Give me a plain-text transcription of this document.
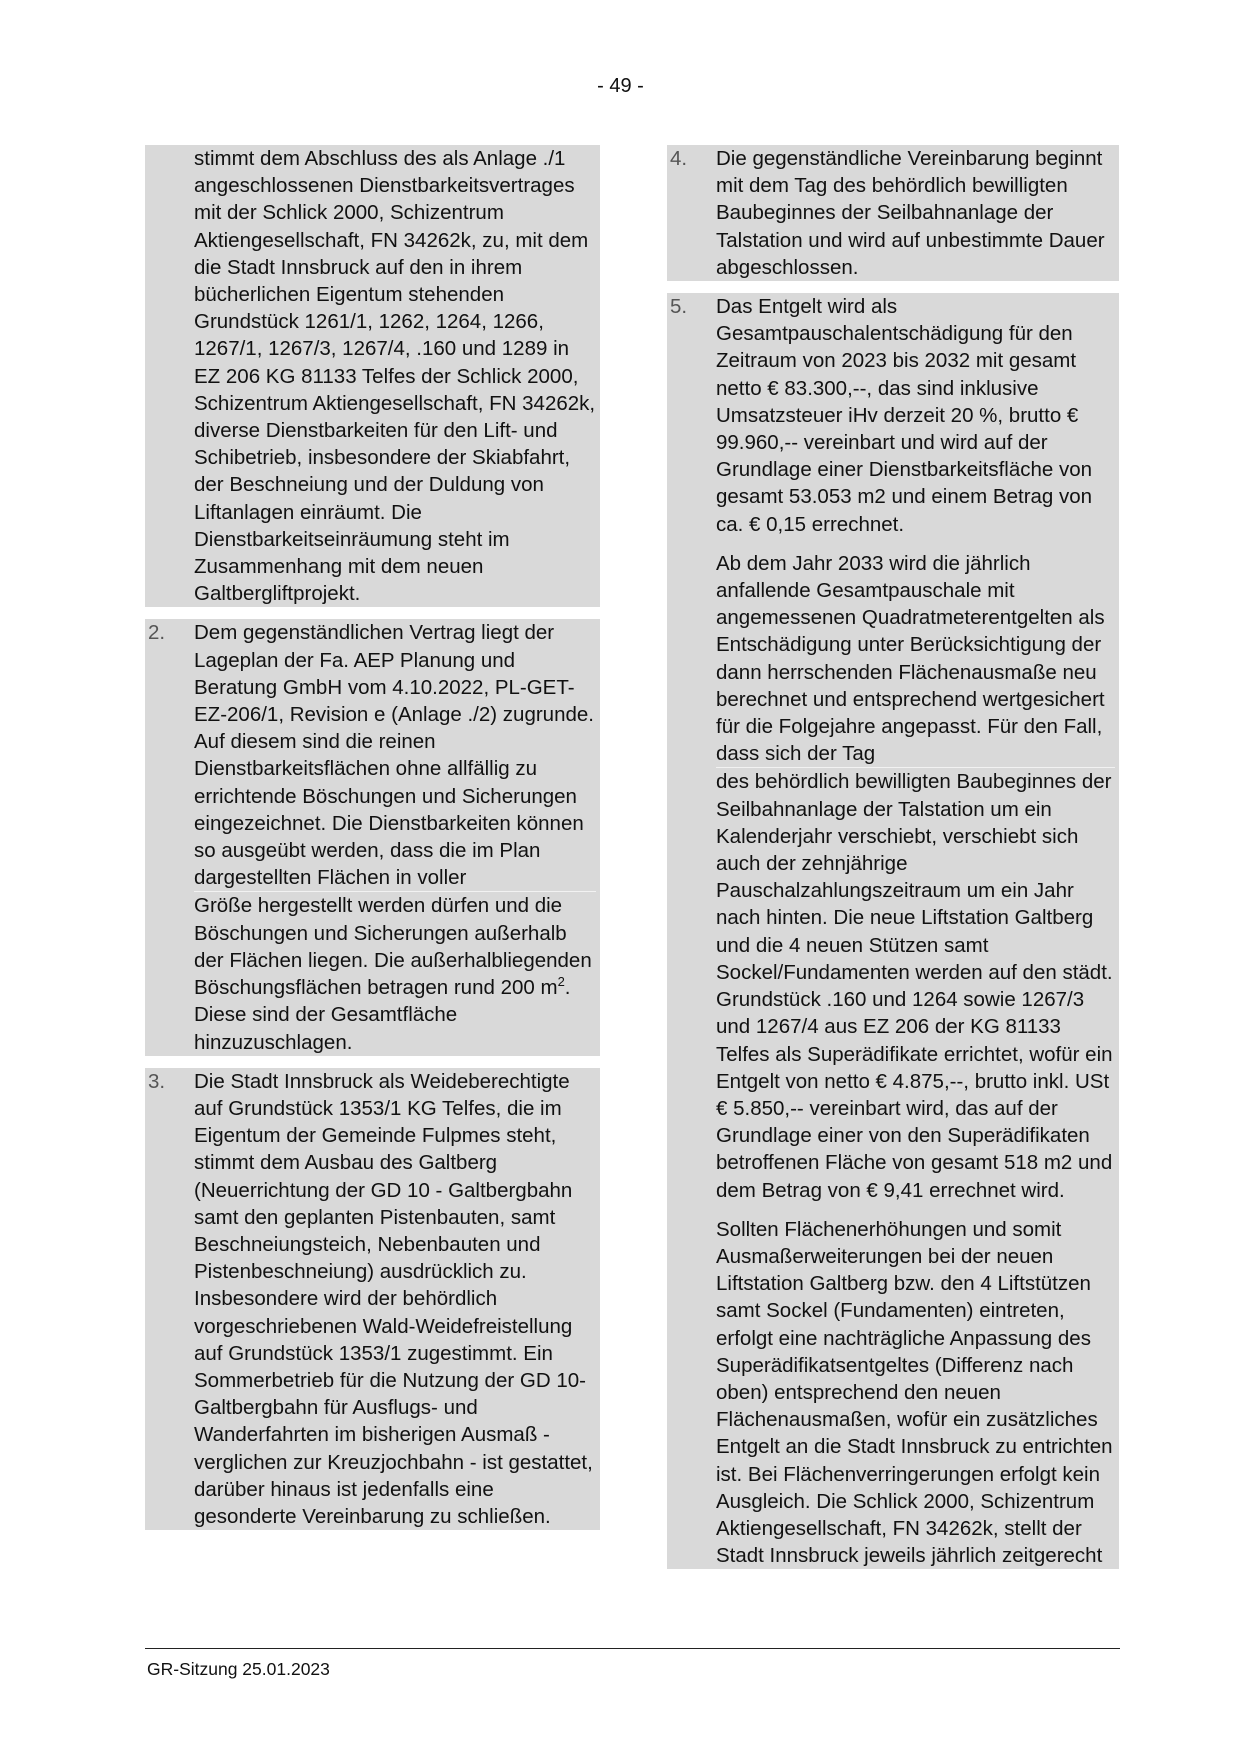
- 49 -
stimmt dem Abschluss des als Anlage ./1 angeschlossenen Dienstbarkeitsvertrages mit der Schlick 2000, Schizentrum Aktiengesellschaft, FN 34262k, zu, mit dem die Stadt Innsbruck auf den in ihrem bücherlichen Eigentum stehenden Grundstück 1261/1, 1262, 1264, 1266, 1267/1, 1267/3, 1267/4, .160 und 1289 in EZ 206 KG 81133 Telfes der Schlick 2000, Schizentrum Aktiengesellschaft, FN 34262k, diverse Dienstbarkeiten für den Lift- und Schibetrieb, insbesondere der Skiabfahrt, der Beschneiung und der Duldung von Liftanlagen einräumt. Die Dienstbarkeitseinräumung steht im Zusammenhang mit dem neuen Galtbergliftprojekt.
2. Dem gegenständlichen Vertrag liegt der Lageplan der Fa. AEP Planung und Beratung GmbH vom 4.10.2022, PL-GET-EZ-206/1, Revision e (Anlage ./2) zugrunde. Auf diesem sind die reinen Dienstbarkeitsflächen ohne allfällig zu errichtende Böschungen und Sicherungen eingezeichnet. Die Dienstbarkeiten können so ausgeübt werden, dass die im Plan dargestellten Flächen in voller
Größe hergestellt werden dürfen und die Böschungen und Sicherungen außerhalb der Flächen liegen. Die außerhalbliegenden Böschungsflächen betragen rund 200 $m^2$. Diese sind der Gesamtfläche hinzuzuschlagen.
3. Die Stadt Innsbruck als Weideberechtigte auf Grundstück 1353/1 KG Telfes, die im Eigentum der Gemeinde Fulpmes steht, stimmt dem Ausbau des Galtberg (Neuerrichtung der GD 10 - Galtbergbahn samt den geplanten Pistenbauten, samt Beschneiungsteich, Nebenbauten und Pistenbeschneiung) ausdrücklich zu. Insbesondere wird der behördlich vorgeschriebenen Wald-Weidefreistellung auf Grundstück 1353/1 zugestimmt. Ein Sommerbetrieb für die Nutzung der GD 10-Galtbergbahn für Ausflugs- und Wanderfahrten im bisherigen Ausmaß - verglichen zur Kreuzjochbahn - ist gestattet, darüber hinaus ist jedenfalls eine gesonderte Vereinbarung zu schließen.
4. Die gegenständliche Vereinbarung beginnt mit dem Tag des behördlich bewilligten Baubeginnes der Seilbahnanlage der Talstation und wird auf unbestimmte Dauer abgeschlossen.
5. Das Entgelt wird als Gesamtpauschalentschädigung für den Zeitraum von 2023 bis 2032 mit gesamt netto € 83.300,--, das sind inklusive Umsatzsteuer iHv derzeit 20 %, brutto € 99.960,-- vereinbart und wird auf der Grundlage einer Dienstbarkeitsfläche von gesamt 53.053 m2 und einem Betrag von ca. € 0,15 errechnet.
Ab dem Jahr 2033 wird die jährlich anfallende Gesamtpauschale mit angemessenen Quadratmeterentgelten als Entschädigung unter Berücksichtigung der dann herrschenden Flächenausmaße neu berechnet und entsprechend wertgesichert für die Folgejahre angepasst. Für den Fall, dass sich der Tag
des behördlich bewilligten Baubeginnes der Seilbahnanlage der Talstation um ein Kalenderjahr verschiebt, verschiebt sich auch der zehnjährige Pauschalzahlungszeitraum um ein Jahr nach hinten. Die neue Liftstation Galtberg und die 4 neuen Stützen samt Sockel/Fundamenten werden auf den städt. Grundstück .160 und 1264 sowie 1267/3 und 1267/4 aus EZ 206 der KG 81133 Telfes als Superädifikate errichtet, wofür ein Entgelt von netto € 4.875,--, brutto inkl. USt € 5.850,-- vereinbart wird, das auf der Grundlage einer von den Superädifikaten betroffenen Fläche von gesamt 518 m2 und dem Betrag von € 9,41 errechnet wird.
Sollten Flächenerhöhungen und somit Ausmaßerweiterungen bei der neuen Liftstation Galtberg bzw. den 4 Liftstützen samt Sockel (Fundamenten) eintreten, erfolgt eine nachträgliche Anpassung des Superädifikatsentgeltes (Differenz nach oben) entsprechend den neuen Flächenausmaßen, wofür ein zusätzliches Entgelt an die Stadt Innsbruck zu entrichten ist. Bei Flächenverringerungen erfolgt kein Ausgleich. Die Schlick 2000, Schizentrum Aktiengesellschaft, FN 34262k, stellt der Stadt Innsbruck jeweils jährlich zeitgerecht
GR-Sitzung 25.01.2023
